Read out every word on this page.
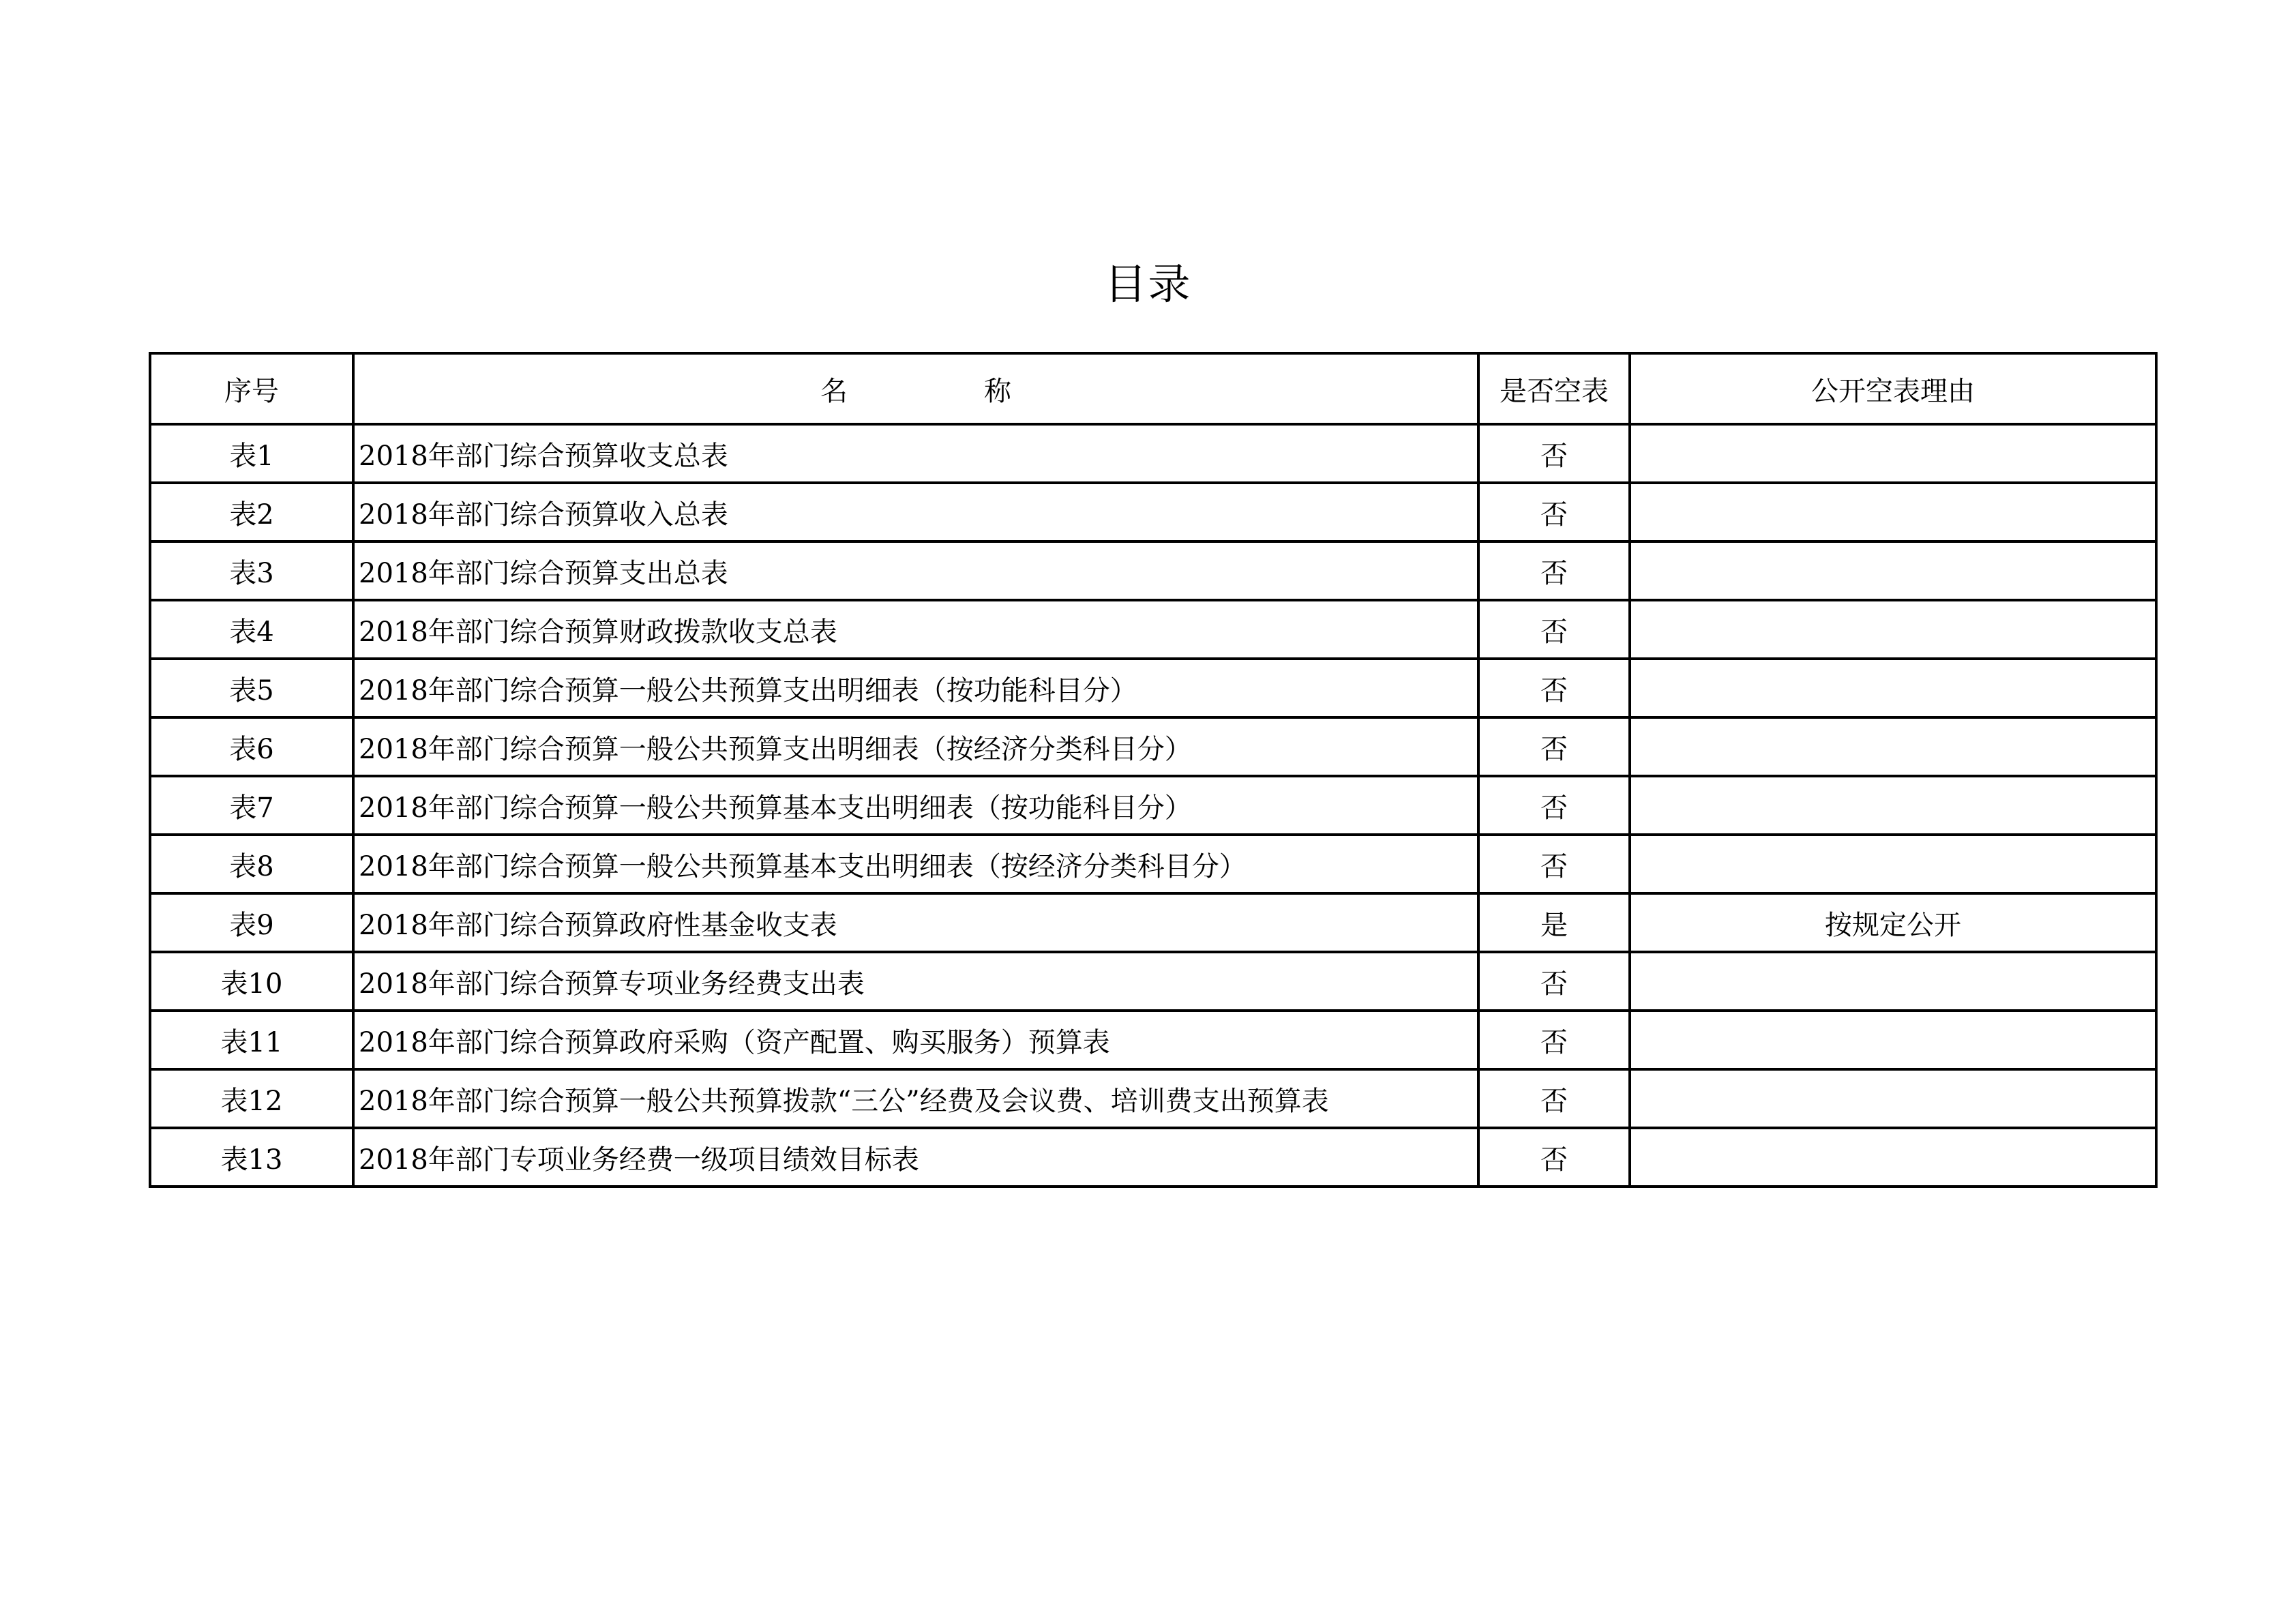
目录
序号	名称	是否空表	公开空表理由
表1	2018年部门综合预算收支总表	否	
表2	2018年部门综合预算收入总表	否	
表3	2018年部门综合预算支出总表	否	
表4	2018年部门综合预算财政拨款收支总表	否	
表5	2018年部门综合预算一般公共预算支出明细表（按功能科目分）	否	
表6	2018年部门综合预算一般公共预算支出明细表（按经济分类科目分）	否	
表7	2018年部门综合预算一般公共预算基本支出明细表（按功能科目分）	否	
表8	2018年部门综合预算一般公共预算基本支出明细表（按经济分类科目分）	否	
表9	2018年部门综合预算政府性基金收支表	是	按规定公开
表10	2018年部门综合预算专项业务经费支出表	否	
表11	2018年部门综合预算政府采购（资产配置、购买服务）预算表	否	
表12	2018年部门综合预算一般公共预算拨款“三公”经费及会议费、培训费支出预算表	否	
表13	2018年部门专项业务经费一级项目绩效目标表	否	
